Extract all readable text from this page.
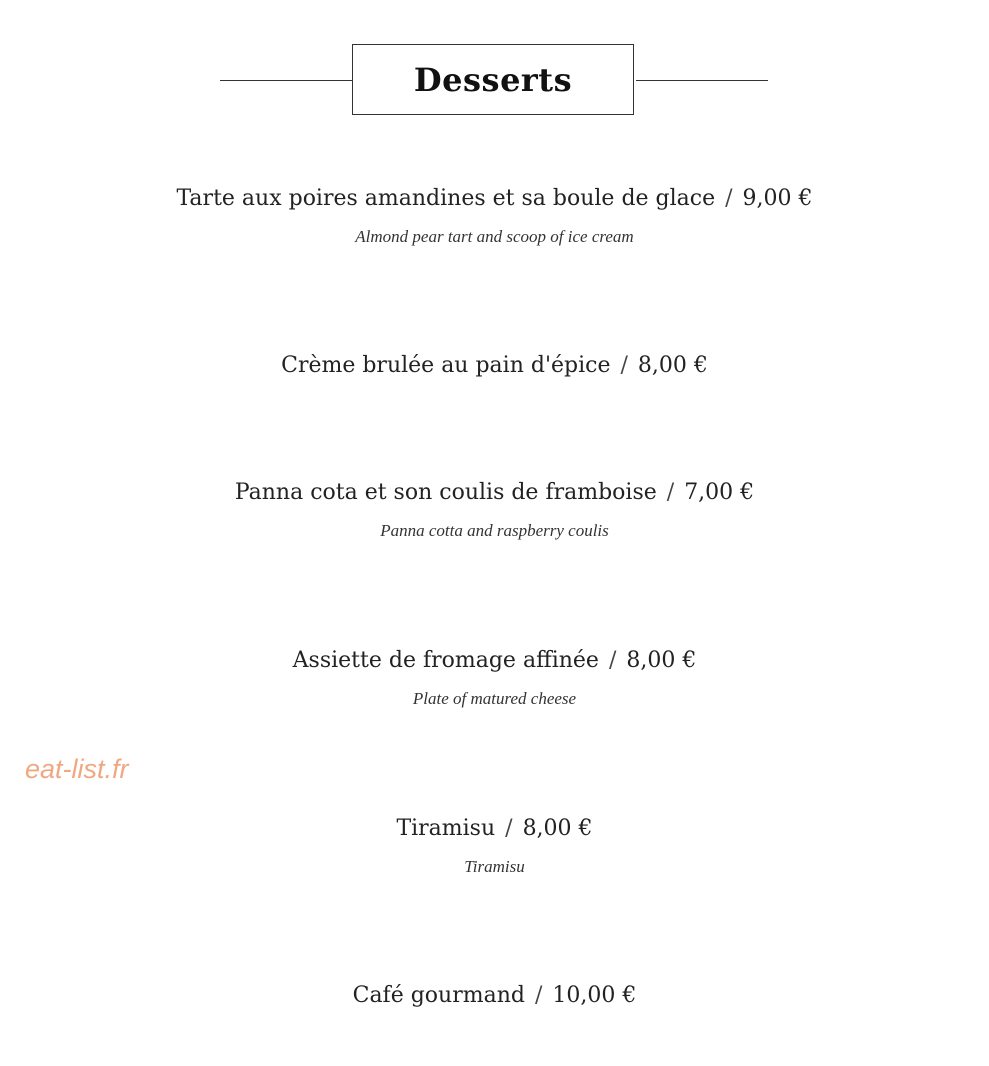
Desserts
Tarte aux poires amandines et sa boule de glace / 9,00 €
Almond pear tart and scoop of ice cream
Crème brulée au pain d'épice / 8,00 €
Panna cota et son coulis de framboise / 7,00 €
Panna cotta and raspberry coulis
Assiette de fromage affinée / 8,00 €
Plate of matured cheese
Tiramisu / 8,00 €
Tiramisu
Café gourmand / 10,00 €
eat-list.fr
